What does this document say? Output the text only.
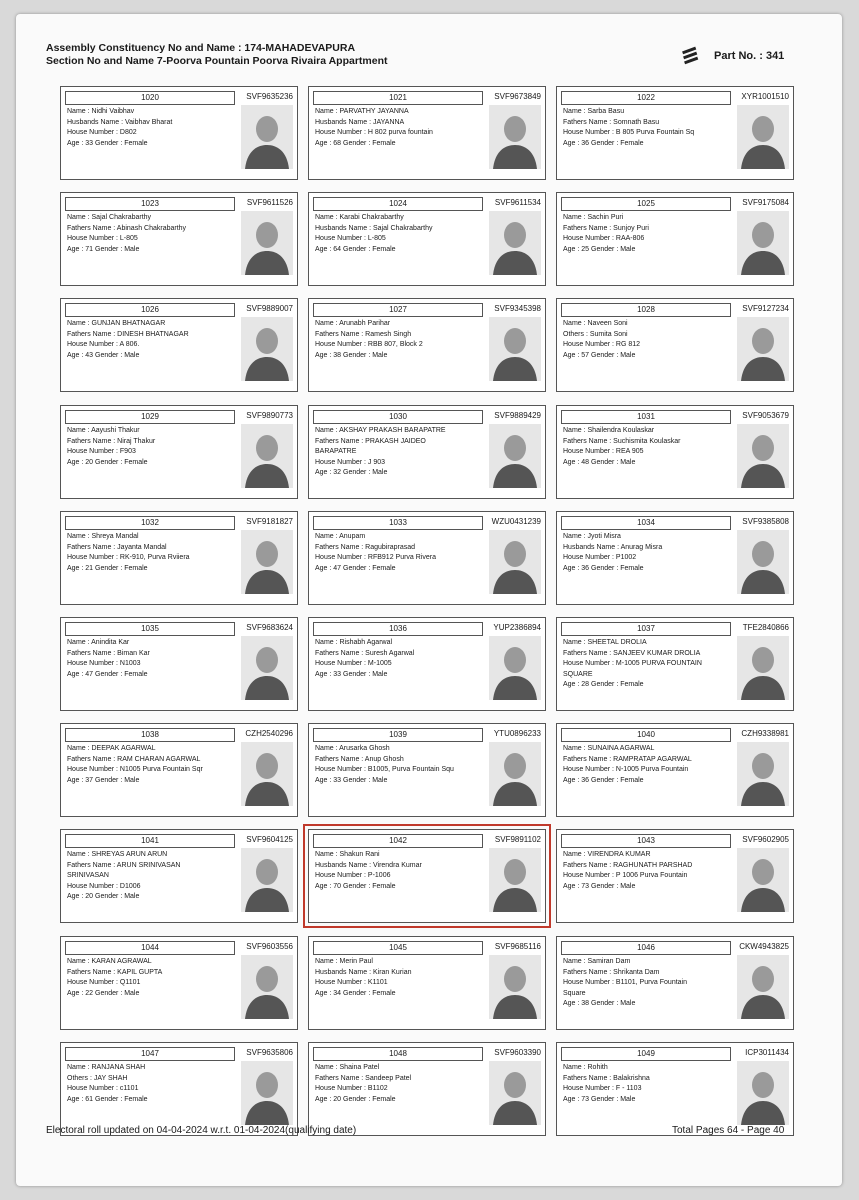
Assembly Constituency No and Name : 174-MAHADEVAPURA
Section No and Name 7-Poorva Pountain Poorva Rivaira Appartment	Part No. : 341
1020	SVF9635236
Name : Nidhi Vaibhav
Husbands Name : Vaibhav Bharat
House Number : D802
Age : 33 Gender : Female
1021	SVF9673849
Name : PARVATHY JAYANNA
Husbands Name : JAYANNA
House Number : H 802 purva fountain
Age : 68 Gender : Female
1022	XYR1001510
Name : Sarba Basu
Fathers Name : Somnath Basu
House Number : B 805 Purva Fountain Sq
Age : 36 Gender : Female
1023	SVF9611526
Name : Sajal Chakrabarthy
Fathers Name : Abinash Chakrabarthy
House Number : L-805
Age : 71 Gender : Male
1024	SVF9611534
Name : Karabi Chakrabarthy
Husbands Name : Sajal Chakrabarthy
House Number : L-805
Age : 64 Gender : Female
1025	SVF9175084
Name : Sachin Puri
Fathers Name : Sunjoy Puri
House Number : RAA-806
Age : 25 Gender : Male
1026	SVF9889007
Name : GUNJAN BHATNAGAR
Fathers Name : DINESH BHATNAGAR
House Number : A 806.
Age : 43 Gender : Male
1027	SVF9345398
Name : Arunabh Parihar
Fathers Name : Ramesh Singh
House Number : RBB 807, Block 2
Age : 38 Gender : Male
1028	SVF9127234
Name : Naveen Soni
Others : Sumita Soni
House Number : RG 812
Age : 57 Gender : Male
1029	SVF9890773
Name : Aayushi Thakur
Fathers Name : Niraj Thakur
House Number : F903
Age : 20 Gender : Female
1030	SVF9889429
Name : AKSHAY PRAKASH BARAPATRE
Fathers Name : PRAKASH JAIDEO
BARAPATRE
House Number : J 903
Age : 32 Gender : Male
1031	SVF9053679
Name : Shailendra Koulaskar
Fathers Name : Suchismita Koulaskar
House Number : REA 905
Age : 48 Gender : Male
1032	SVF9181827
Name : Shreya Mandal
Fathers Name : Jayanta Mandal
House Number : RK-910, Purva Rviiera
Age : 21 Gender : Female
1033	WZU0431239
Name : Anupam
Fathers Name : Ragubiraprasad
House Number : RFB912 Purva Rivera
Age : 47 Gender : Female
1034	SVF9385808
Name : Jyoti Misra
Husbands Name : Anurag Misra
House Number : P1002
Age : 36 Gender : Female
1035	SVF9683624
Name : Anindita Kar
Fathers Name : Biman Kar
House Number : N1003
Age : 47 Gender : Female
1036	YUP2386894
Name : Rishabh Agarwal
Fathers Name : Suresh Agarwal
House Number : M-1005
Age : 33 Gender : Male
1037	TFE2840866
Name : SHEETAL DROLIA
Fathers Name : SANJEEV KUMAR DROLIA
House Number : M-1005 PURVA FOUNTAIN
SQUARE
Age : 28 Gender : Female
1038	CZH2540296
Name : DEEPAK AGARWAL
Fathers Name : RAM CHARAN AGARWAL
House Number : N1005 Purva Fountain Sqr
Age : 37 Gender : Male
1039	YTU0896233
Name : Arusarka Ghosh
Fathers Name : Anup Ghosh
House Number : B1005, Purva Fountain Squ
Age : 33 Gender : Male
1040	CZH9338981
Name : SUNAINA AGARWAL
Fathers Name : RAMPRATAP AGARWAL
House Number : N-1005 Purva Fountain
Age : 36 Gender : Female
1041	SVF9604125
Name : SHREYAS ARUN ARUN
Fathers Name : ARUN SRINIVASAN
SRINIVASAN
House Number : D1006
Age : 20 Gender : Male
1042	SVF9891102
Name : Shakun Rani
Husbands Name : Virendra Kumar
House Number : P-1006
Age : 70 Gender : Female
1043	SVF9602905
Name : VIRENDRA KUMAR
Fathers Name : RAGHUNATH PARSHAD
House Number : P 1006 Purva Fountain
Age : 73 Gender : Male
1044	SVF9603556
Name : KARAN AGRAWAL
Fathers Name : KAPIL GUPTA
House Number : Q1101
Age : 22 Gender : Male
1045	SVF9685116
Name : Merin Paul
Husbands Name : Kiran Kurian
House Number : K1101
Age : 34 Gender : Female
1046	CKW4943825
Name : Samiran Dam
Fathers Name : Shrikanta Dam
House Number : B1101, Purva Fountain
Square
Age : 38 Gender : Male
1047	SVF9635806
Name : RANJANA SHAH
Others : JAY SHAH
House Number : c1101
Age : 61 Gender : Female
1048	SVF9603390
Name : Shaina Patel
Fathers Name : Sandeep Patel
House Number : B1102
Age : 20 Gender : Female
1049	ICP3011434
Name : Rohith
Fathers Name : Balakrishna
House Number : F - 1103
Age : 73 Gender : Male
Electoral roll updated on 04-04-2024 w.r.t. 01-04-2024(qualifying date)	Total Pages 64 - Page 40
